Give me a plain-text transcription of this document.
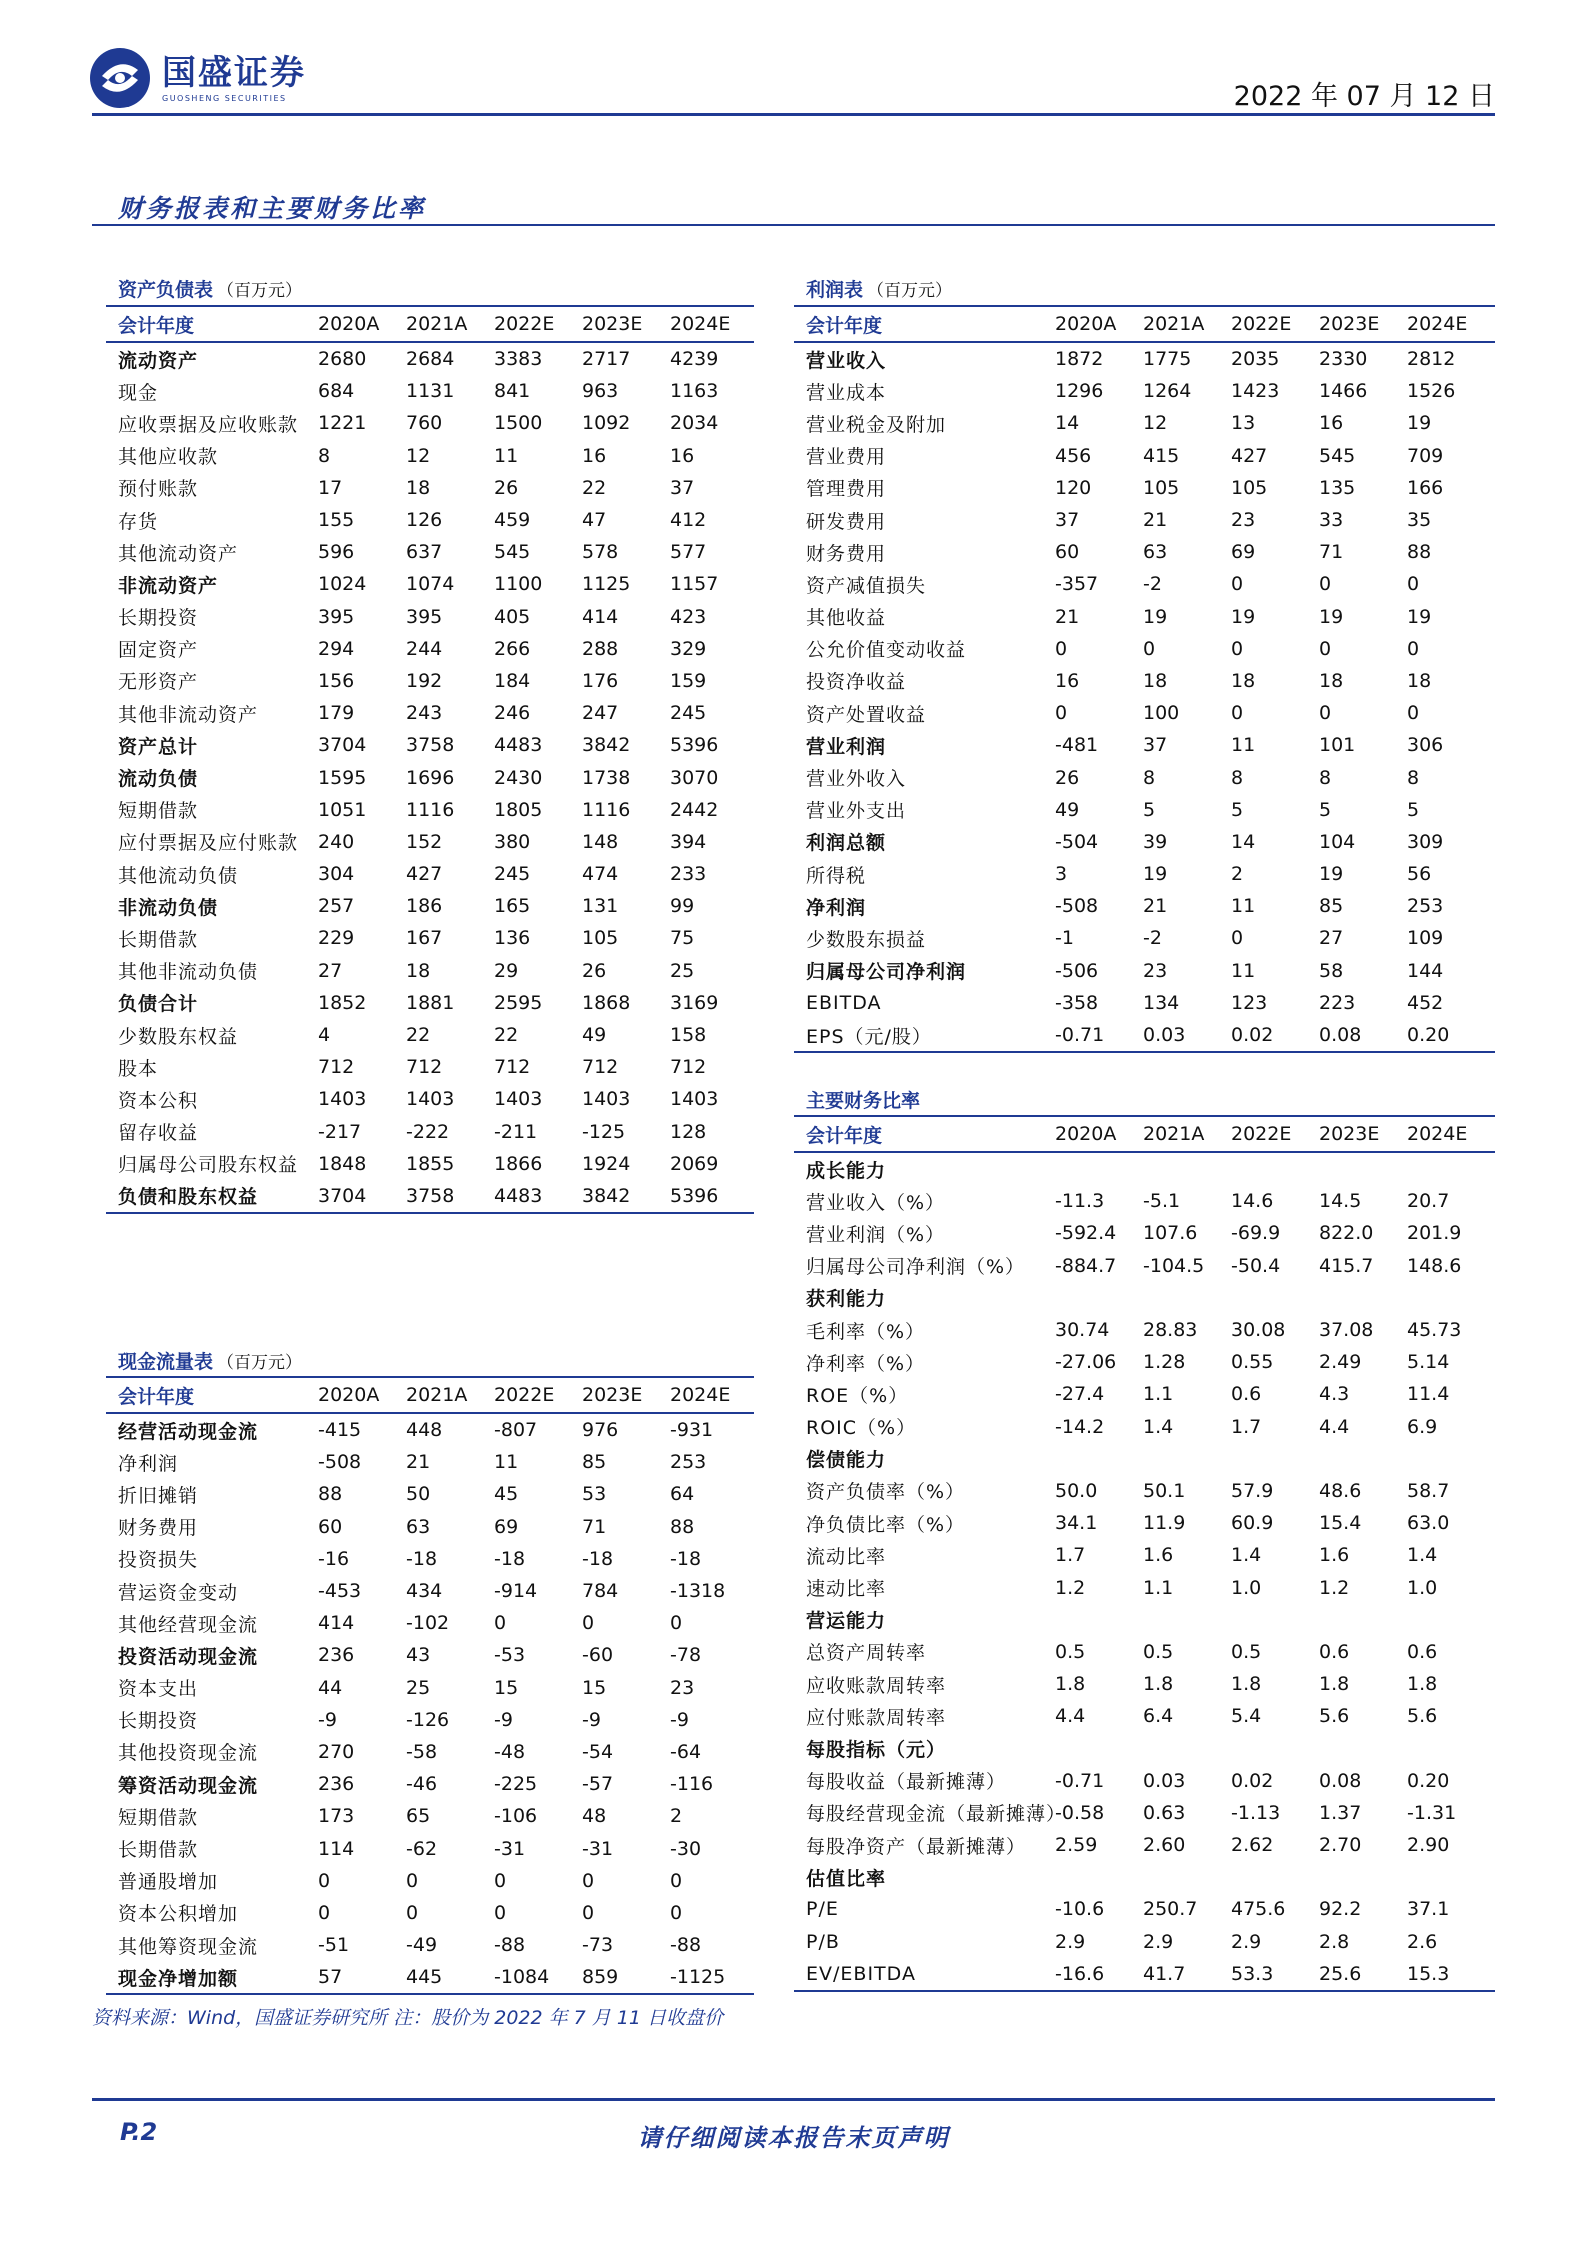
国盛证券
GUOSHENG SECURITIES	2022 年 07 月 12 日
财务报表和主要财务比率
资产负债表 （百万元）
会计年度	2020A	2021A	2022E	2023E	2024E
流动资产	2680	2684	3383	2717	4239
现金	684	1131	841	963	1163
应收票据及应收账款	1221	760	1500	1092	2034
其他应收款	8	12	11	16	16
预付账款	17	18	26	22	37
存货	155	126	459	47	412
其他流动资产	596	637	545	578	577
非流动资产	1024	1074	1100	1125	1157
长期投资	395	395	405	414	423
固定资产	294	244	266	288	329
无形资产	156	192	184	176	159
其他非流动资产	179	243	246	247	245
资产总计	3704	3758	4483	3842	5396
流动负债	1595	1696	2430	1738	3070
短期借款	1051	1116	1805	1116	2442
应付票据及应付账款	240	152	380	148	394
其他流动负债	304	427	245	474	233
非流动负债	257	186	165	131	99
长期借款	229	167	136	105	75
其他非流动负债	27	18	29	26	25
负债合计	1852	1881	2595	1868	3169
少数股东权益	4	22	22	49	158
股本	712	712	712	712	712
资本公积	1403	1403	1403	1403	1403
留存收益	-217	-222	-211	-125	128
归属母公司股东权益	1848	1855	1866	1924	2069
负债和股东权益	3704	3758	4483	3842	5396
利润表 （百万元）
会计年度	2020A	2021A	2022E	2023E	2024E
营业收入	1872	1775	2035	2330	2812
营业成本	1296	1264	1423	1466	1526
营业税金及附加	14	12	13	16	19
营业费用	456	415	427	545	709
管理费用	120	105	105	135	166
研发费用	37	21	23	33	35
财务费用	60	63	69	71	88
资产减值损失	-357	-2	0	0	0
其他收益	21	19	19	19	19
公允价值变动收益	0	0	0	0	0
投资净收益	16	18	18	18	18
资产处置收益	0	100	0	0	0
营业利润	-481	37	11	101	306
营业外收入	26	8	8	8	8
营业外支出	49	5	5	5	5
利润总额	-504	39	14	104	309
所得税	3	19	2	19	56
净利润	-508	21	11	85	253
少数股东损益	-1	-2	0	27	109
归属母公司净利润	-506	23	11	58	144
EBITDA	-358	134	123	223	452
EPS（元/股）	-0.71	0.03	0.02	0.08	0.20
主要财务比率
会计年度	2020A	2021A	2022E	2023E	2024E
成长能力					
营业收入（%）	-11.3	-5.1	14.6	14.5	20.7
营业利润（%）	-592.4	107.6	-69.9	822.0	201.9
归属母公司净利润（%）	-884.7	-104.5	-50.4	415.7	148.6
获利能力					
毛利率（%）	30.74	28.83	30.08	37.08	45.73
净利率（%）	-27.06	1.28	0.55	2.49	5.14
ROE（%）	-27.4	1.1	0.6	4.3	11.4
ROIC（%）	-14.2	1.4	1.7	4.4	6.9
偿债能力					
资产负债率（%）	50.0	50.1	57.9	48.6	58.7
净负债比率（%）	34.1	11.9	60.9	15.4	63.0
流动比率	1.7	1.6	1.4	1.6	1.4
速动比率	1.2	1.1	1.0	1.2	1.0
营运能力					
总资产周转率	0.5	0.5	0.5	0.6	0.6
应收账款周转率	1.8	1.8	1.8	1.8	1.8
应付账款周转率	4.4	6.4	5.4	5.6	5.6
每股指标（元）					
每股收益（最新摊薄）	-0.71	0.03	0.02	0.08	0.20
每股经营现金流（最新摊薄）	-0.58	0.63	-1.13	1.37	-1.31
每股净资产（最新摊薄）	2.59	2.60	2.62	2.70	2.90
估值比率					
P/E	-10.6	250.7	475.6	92.2	37.1
P/B	2.9	2.9	2.9	2.8	2.6
EV/EBITDA	-16.6	41.7	53.3	25.6	15.3
现金流量表 （百万元）
会计年度	2020A	2021A	2022E	2023E	2024E
经营活动现金流	-415	448	-807	976	-931
净利润	-508	21	11	85	253
折旧摊销	88	50	45	53	64
财务费用	60	63	69	71	88
投资损失	-16	-18	-18	-18	-18
营运资金变动	-453	434	-914	784	-1318
其他经营现金流	414	-102	0	0	0
投资活动现金流	236	43	-53	-60	-78
资本支出	44	25	15	15	23
长期投资	-9	-126	-9	-9	-9
其他投资现金流	270	-58	-48	-54	-64
筹资活动现金流	236	-46	-225	-57	-116
短期借款	173	65	-106	48	2
长期借款	114	-62	-31	-31	-30
普通股增加	0	0	0	0	0
资本公积增加	0	0	0	0	0
其他筹资现金流	-51	-49	-88	-73	-88
现金净增加额	57	445	-1084	859	-1125
资料来源：Wind，国盛证券研究所 注：股价为 2022 年 7 月 11 日收盘价
P.2	请仔细阅读本报告末页声明
